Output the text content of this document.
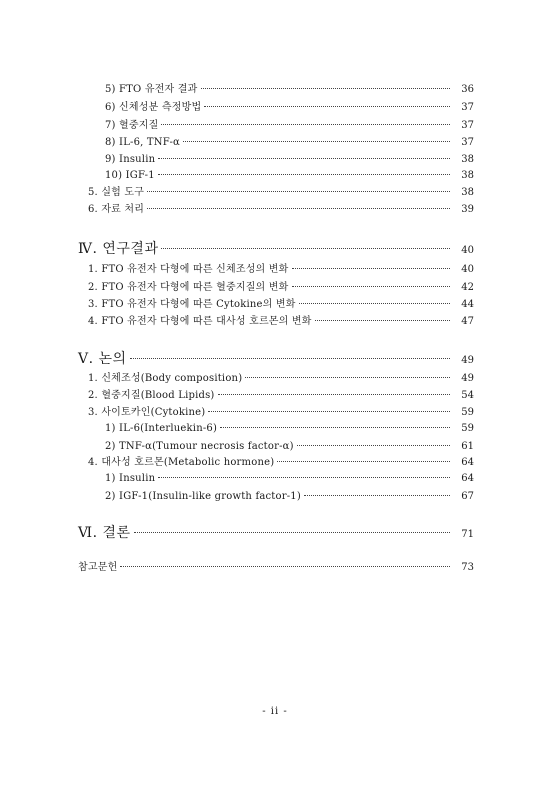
5) FTO 유전자 결과	36
6) 신체성분 측정방법	37
7) 혈중지질	37
8) IL-6, TNF-α	37
9) Insulin	38
10) IGF-1	38
5. 실험 도구	38
6. 자료 처리	39
Ⅳ. 연구결과	40
1. FTO 유전자 다형에 따른 신체조성의 변화	40
2. FTO 유전자 다형에 따른 혈중지질의 변화	42
3. FTO 유전자 다형에 따른 Cytokine의 변화	44
4. FTO 유전자 다형에 따른 대사성 호르몬의 변화	47
Ⅴ. 논의	49
1. 신체조성(Body composition)	49
2. 혈중지질(Blood Lipids)	54
3. 사이토카인(Cytokine)	59
1) IL-6(Interluekin-6)	59
2) TNF-α(Tumour necrosis factor-α)	61
4. 대사성 호르몬(Metabolic hormone)	64
1) Insulin	64
2) IGF-1(Insulin-like growth factor-1)	67
Ⅵ. 결론	71
참고문헌	73
- ii -
